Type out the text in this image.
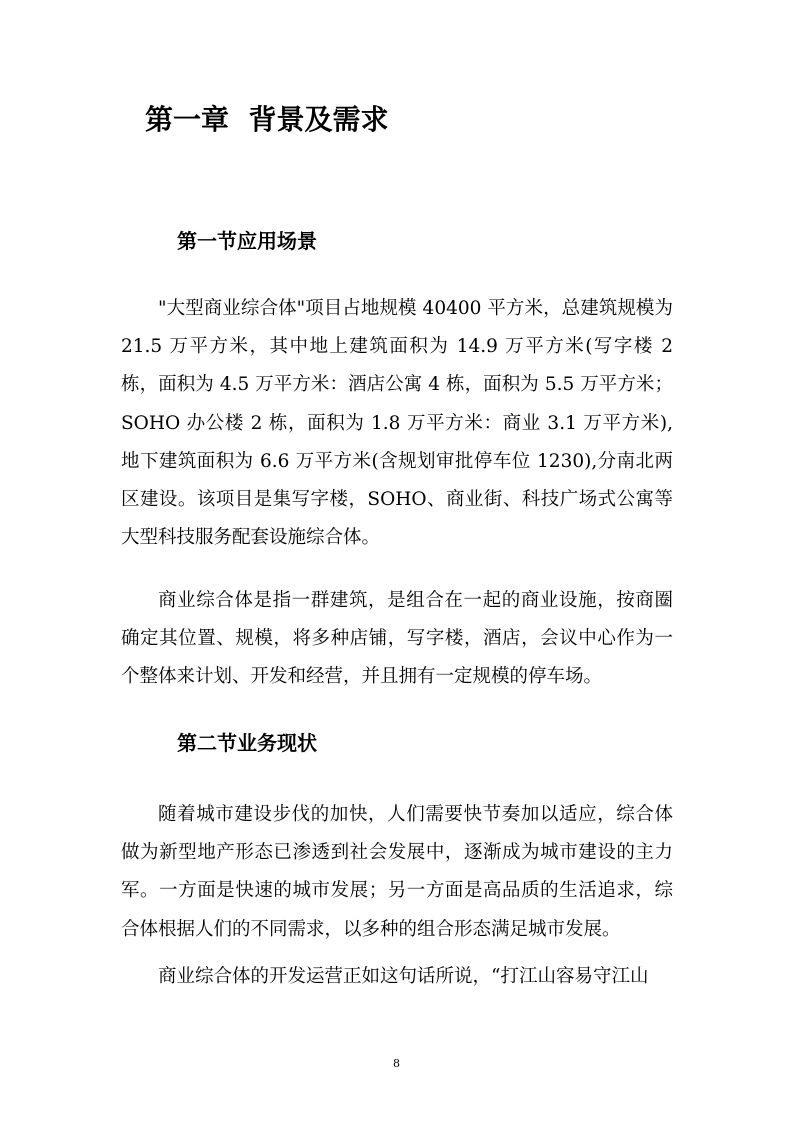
第一章  背景及需求
第一节应用场景

"大型商业综合体"项目占地规模 40400 平方米，总建筑规模为 21.5 万平方米，其中地上建筑面积为 14.9 万平方米(写字楼 2 栋，面积为 4.5 万平方米：酒店公寓 4 栋，面积为 5.5 万平方米；SOHO 办公楼 2 栋，面积为 1.8 万平方米：商业 3.1 万平方米),地下建筑面积为 6.6 万平方米(含规划审批停车位 1230),分南北两区建设。该项目是集写字楼，SOHO、商业街、科技广场式公寓等大型科技服务配套设施综合体。

商业综合体是指一群建筑，是组合在一起的商业设施，按商圈确定其位置、规模，将多种店铺，写字楼，酒店，会议中心作为一个整体来计划、开发和经营，并且拥有一定规模的停车场。

第二节业务现状

随着城市建设步伐的加快，人们需要快节奏加以适应，综合体做为新型地产形态已渗透到社会发展中，逐渐成为城市建设的主力军。一方面是快速的城市发展；另一方面是高品质的生活追求，综合体根据人们的不同需求，以多种的组合形态满足城市发展。

商业综合体的开发运营正如这句话所说，“打江山容易守江山

8
